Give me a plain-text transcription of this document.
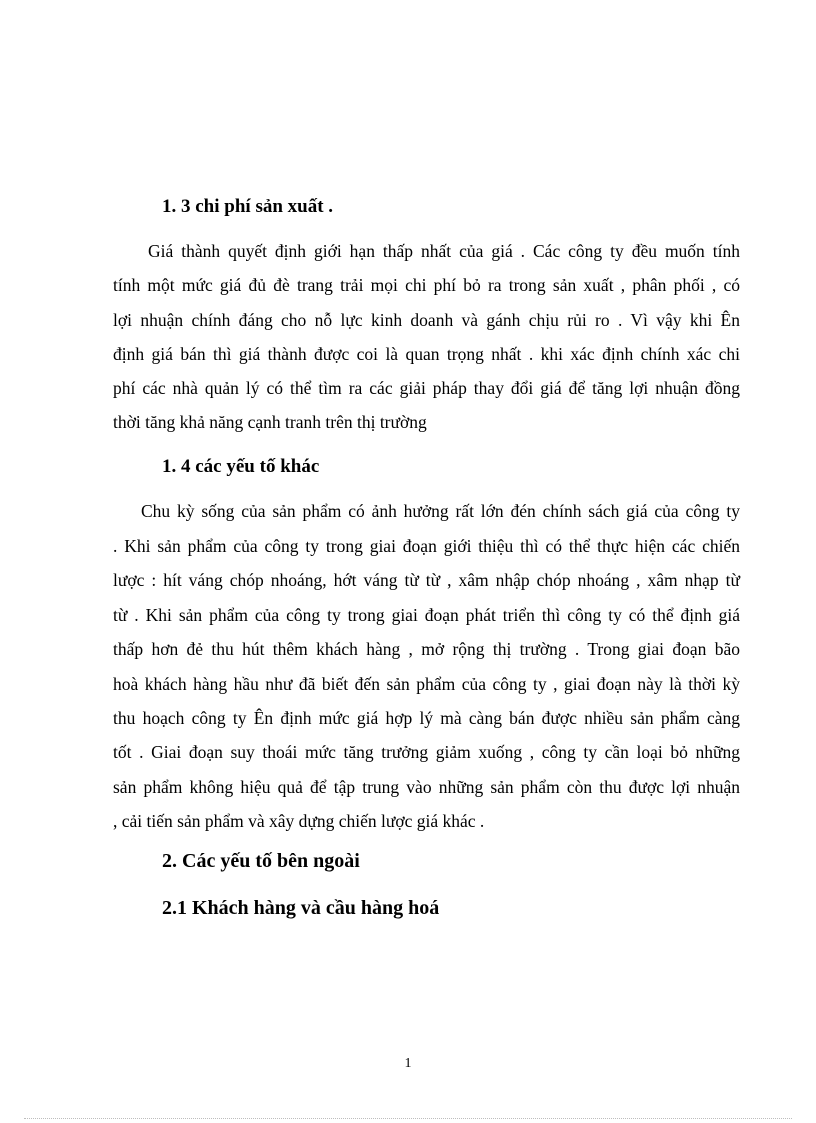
1. 3 chi phí sản xuất .
Giá thành quyết định giới hạn thấp nhất của giá . Các công ty đều muốn tính
tính một mức giá đủ đè trang trải mọi chi phí bỏ ra trong sản xuất , phân phối , có
lợi nhuận chính đáng cho nỗ lực kinh doanh và gánh chịu rủi ro . Vì vậy khi Ên
định giá bán thì giá thành được coi là quan trọng nhất . khi xác định chính xác chi
phí các nhà quản lý có thể tìm ra các giải pháp thay đổi giá để tăng lợi nhuận đồng
thời tăng khả năng cạnh tranh trên thị trường
1. 4 các yếu tố khác
Chu kỳ sống của sản phẩm có ảnh hưởng rất lớn đén chính sách giá của công ty
. Khi sản phẩm của công ty trong giai đoạn giới thiệu thì có thể thực hiện các chiến
lược : hít váng chóp nhoáng, hớt váng từ từ , xâm nhập chóp nhoáng , xâm nhạp từ
từ . Khi sản phẩm của công ty trong giai đoạn phát triển thì công ty có thể định giá
thấp hơn đẻ thu hút thêm khách hàng , mở rộng thị trường . Trong giai đoạn bão
hoà khách hàng hầu như đã biết đến sản phẩm của công ty , giai đoạn này là thời kỳ
thu hoạch công ty Ên định mức giá hợp lý mà càng bán được nhiều sản phẩm càng
tốt . Giai đoạn suy thoái mức tăng trưởng giảm xuống , công ty cần loại bỏ những
sản phẩm không hiệu quả để tập trung vào những sản phẩm còn thu được lợi nhuận
, cải tiến sản phẩm và xây dựng chiến lược giá khác .
2. Các yếu tố bên ngoài
2.1 Khách hàng và cầu hàng hoá
1
